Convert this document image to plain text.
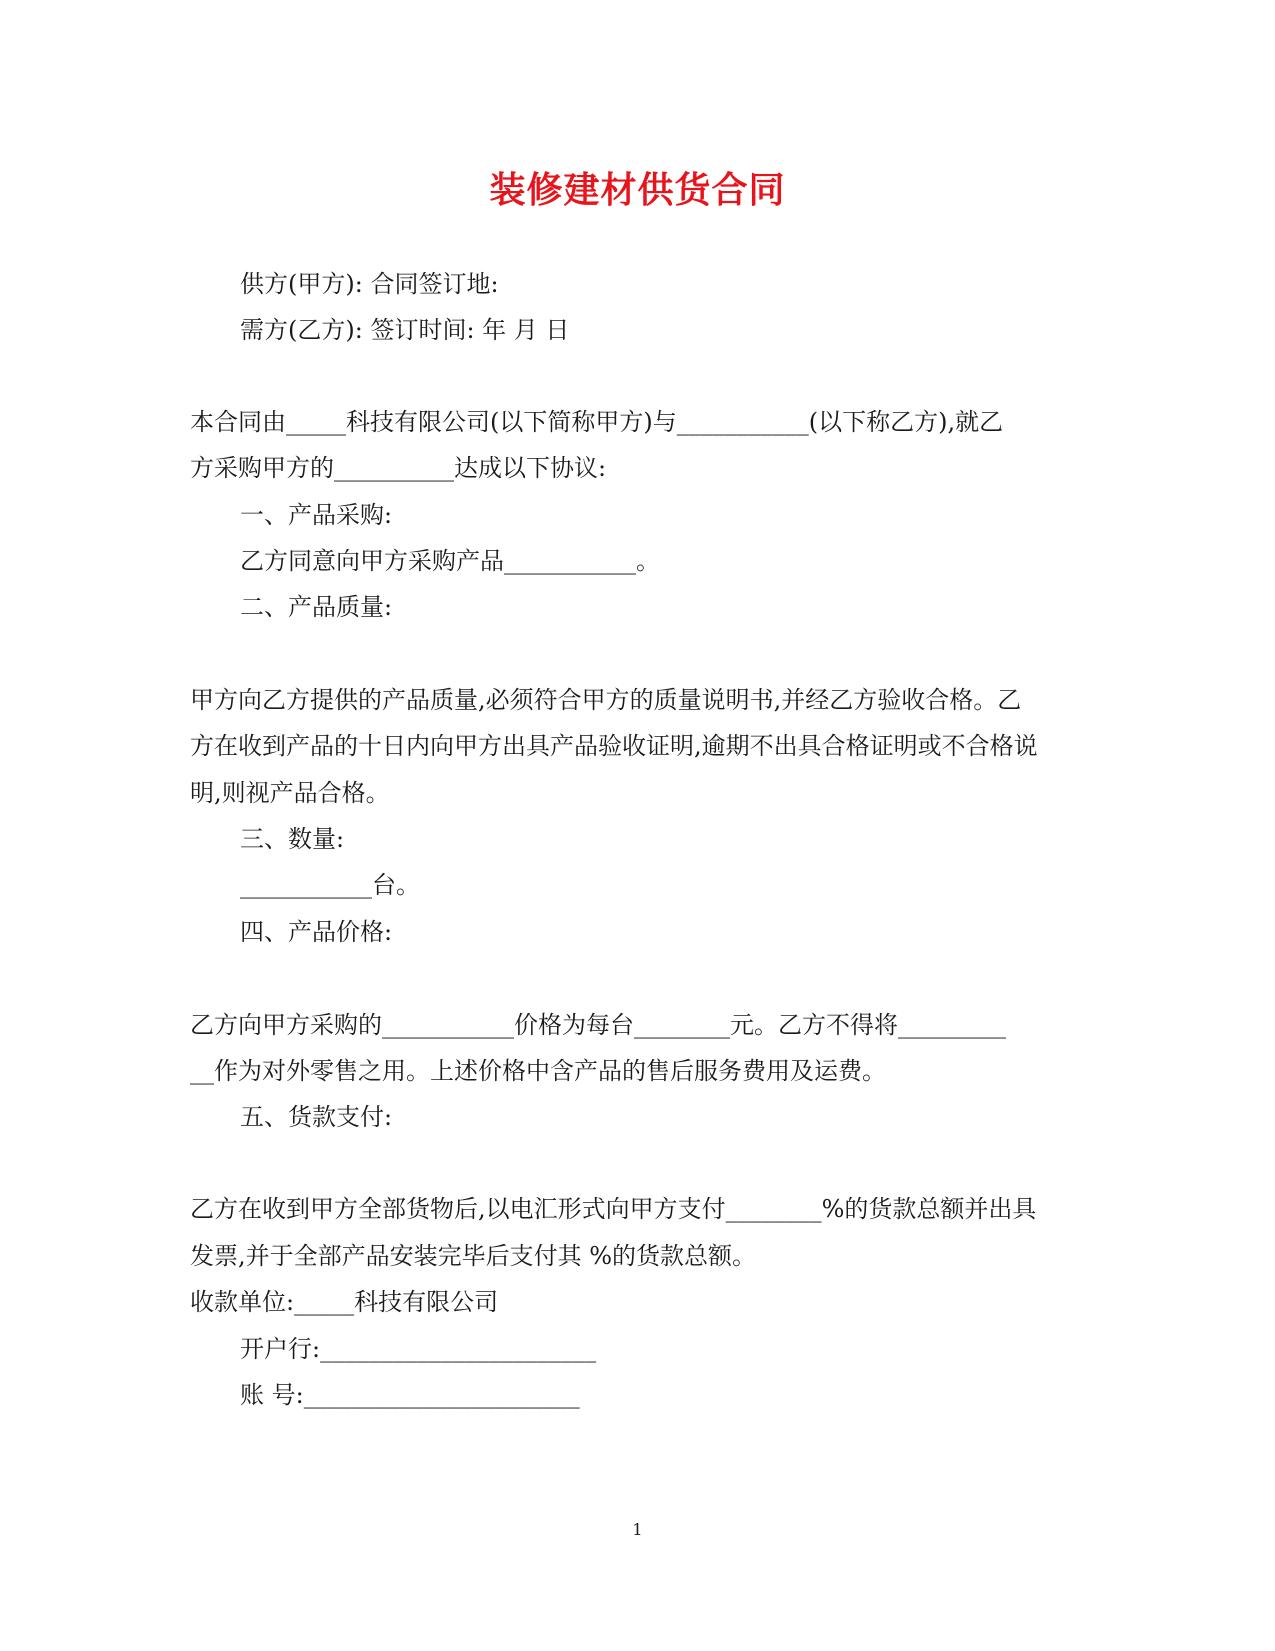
装修建材供货合同
供方(甲方): 合同签订地:
需方(乙方): 签订时间: 年 月 日
本合同由_____科技有限公司(以下简称甲方)与___________(以下称乙方),就乙
方采购甲方的__________达成以下协议:
一、产品采购:
乙方同意向甲方采购产品___________。
二、产品质量:
甲方向乙方提供的产品质量,必须符合甲方的质量说明书,并经乙方验收合格。乙
方在收到产品的十日内向甲方出具产品验收证明,逾期不出具合格证明或不合格说
明,则视产品合格。
三、数量:
___________台。
四、产品价格:
乙方向甲方采购的___________价格为每台________元。乙方不得将_________
__作为对外零售之用。上述价格中含产品的售后服务费用及运费。
五、货款支付:
乙方在收到甲方全部货物后,以电汇形式向甲方支付________%的货款总额并出具
发票,并于全部产品安装完毕后支付其 %的货款总额。
收款单位:_____科技有限公司
开户行:_______________________
账 号:_______________________
1
